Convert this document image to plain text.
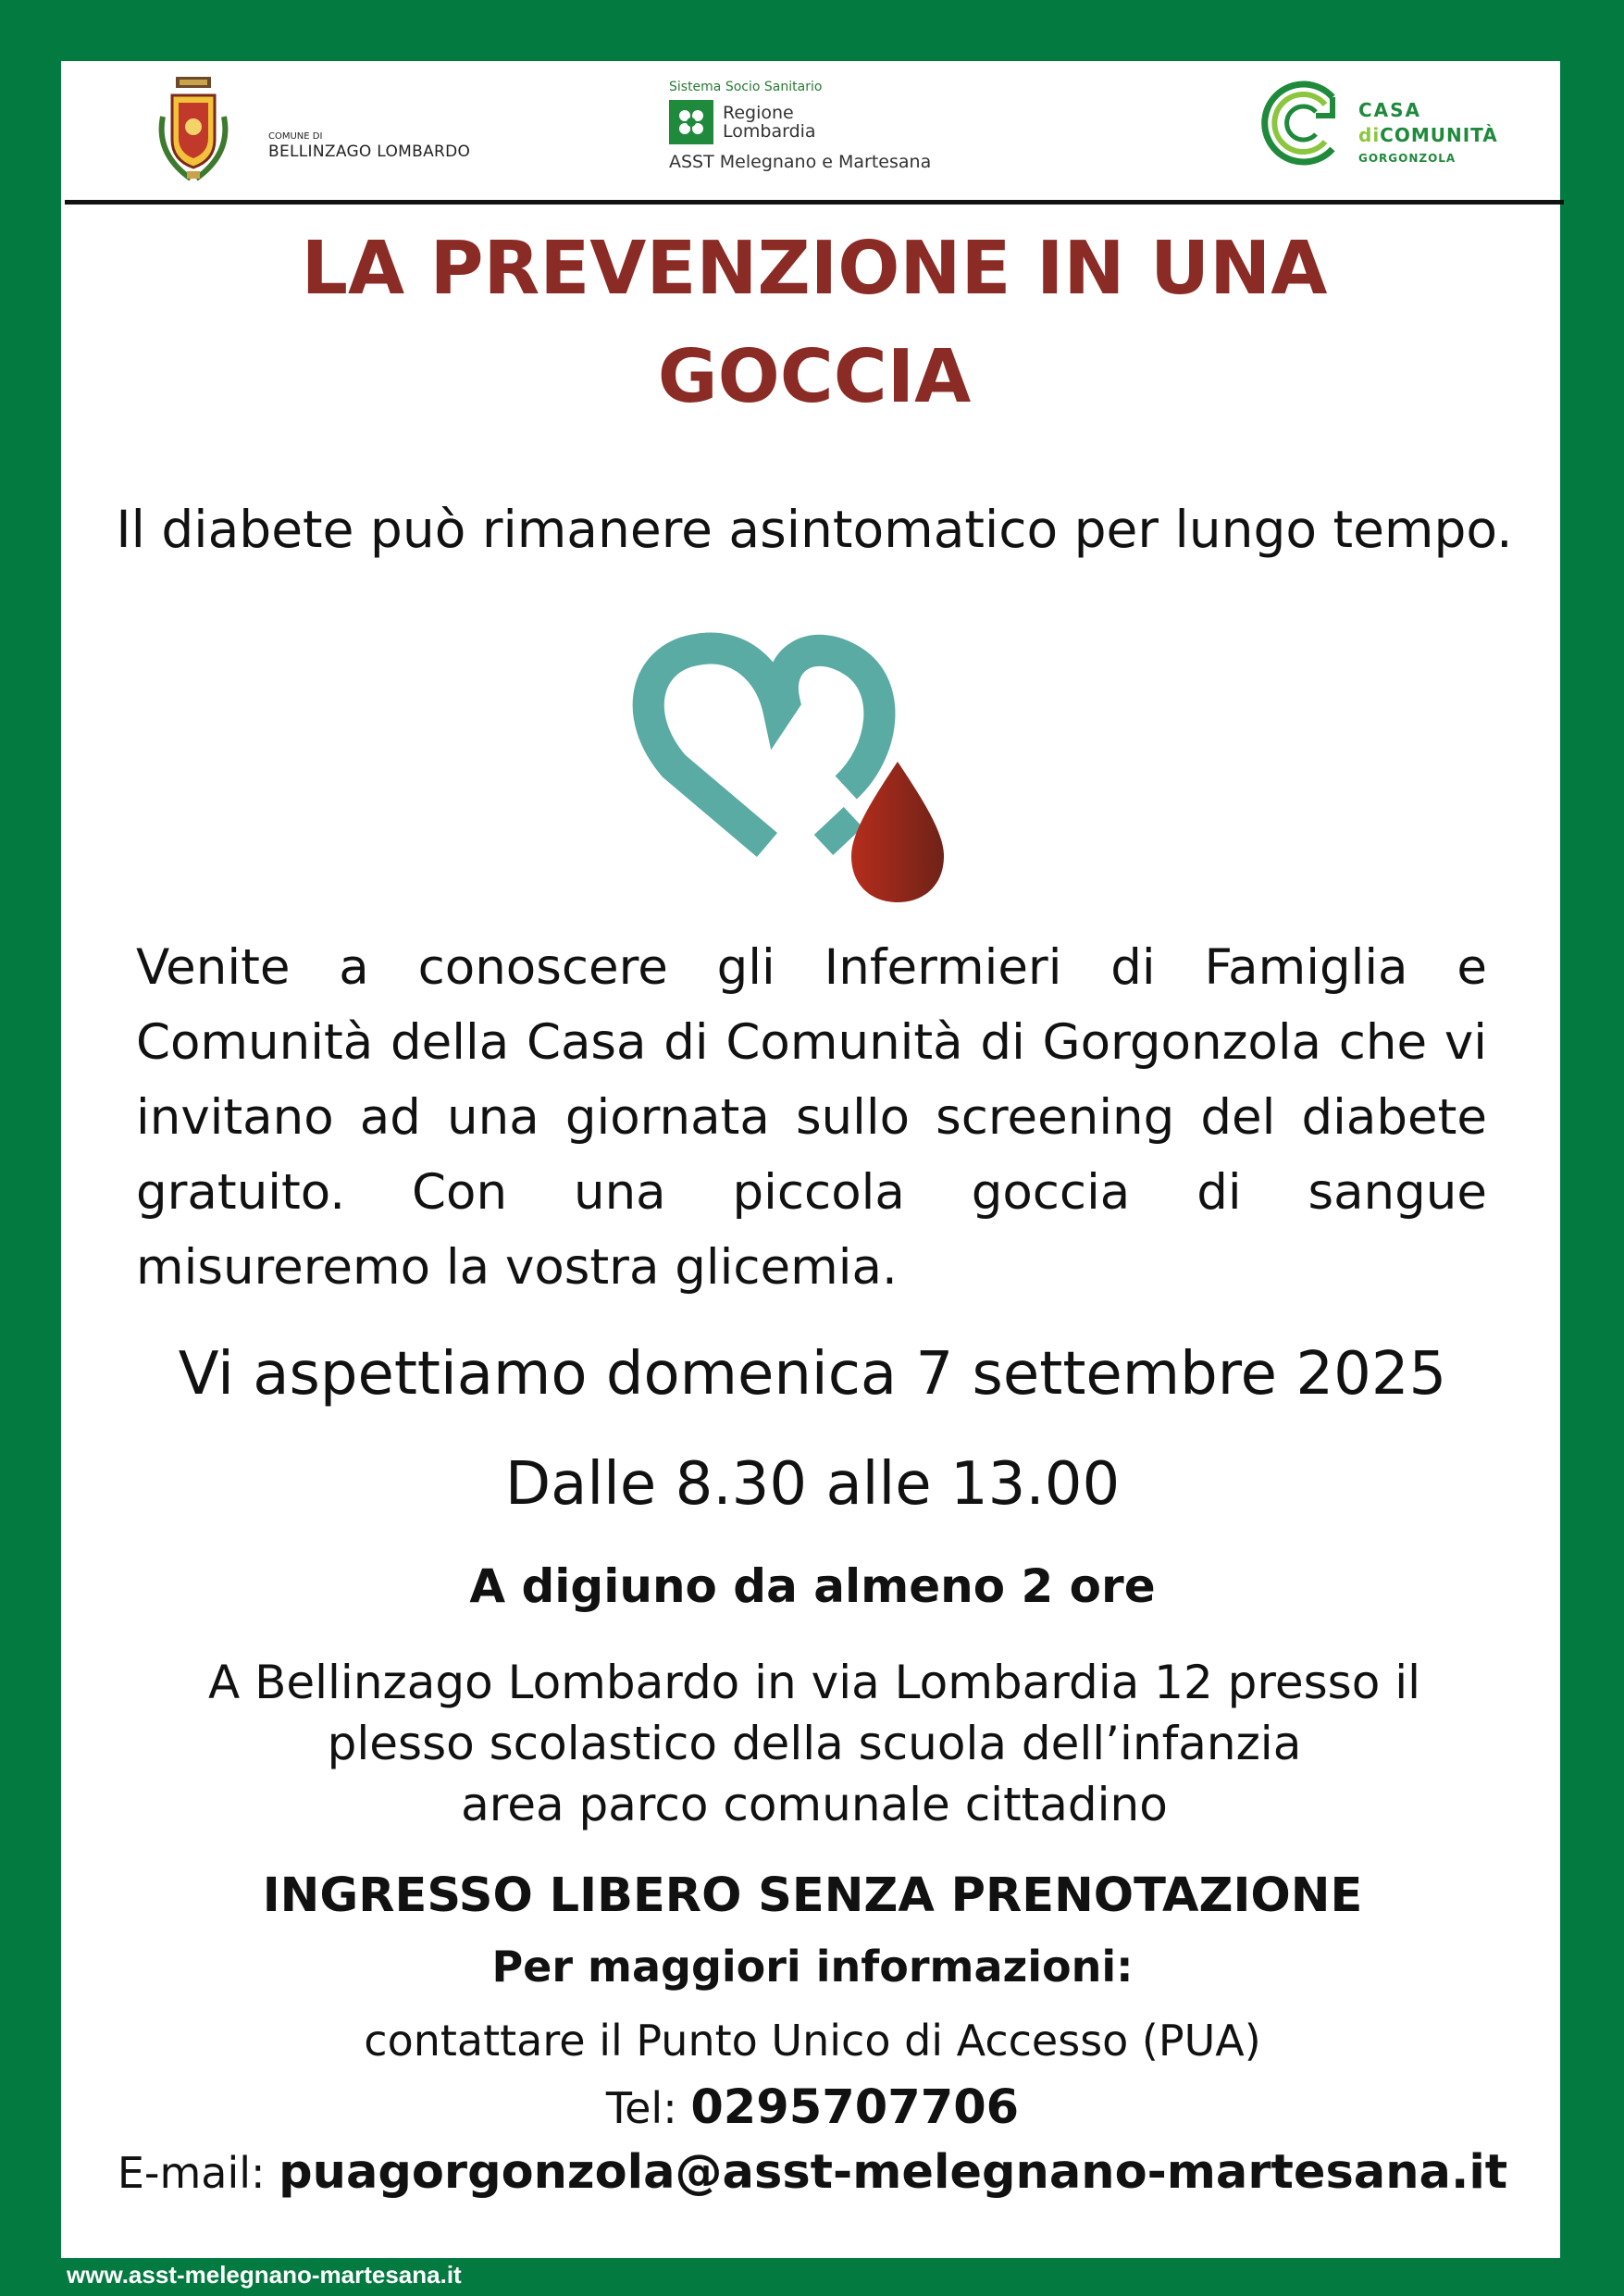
COMUNE DI
BELLINZAGO LOMBARDO
Sistema Socio Sanitario
Regione
Lombardia
ASST Melegnano e Martesana
CASA
diCOMUNITÀ
GORGONZOLA
LA PREVENZIONE IN UNA
GOCCIA
Il diabete può rimanere asintomatico per lungo tempo.
Venite a conoscere gli Infermieri di Famiglia e Comunità della Casa di Comunità di Gorgonzola che vi invitano ad una giornata sullo screening del diabete gratuito. Con una piccola goccia di sangue misureremo la vostra glicemia.
Vi aspettiamo domenica 7 settembre 2025
Dalle 8.30 alle 13.00
A digiuno da almeno 2 ore
A Bellinzago Lombardo in via Lombardia 12 presso il
plesso scolastico della scuola dell’infanzia
area parco comunale cittadino
INGRESSO LIBERO SENZA PRENOTAZIONE
Per maggiori informazioni:
contattare il Punto Unico di Accesso (PUA)
Tel: 0295707706
E-mail: puagorgonzola@asst-melegnano-martesana.it
www.asst-melegnano-martesana.it
